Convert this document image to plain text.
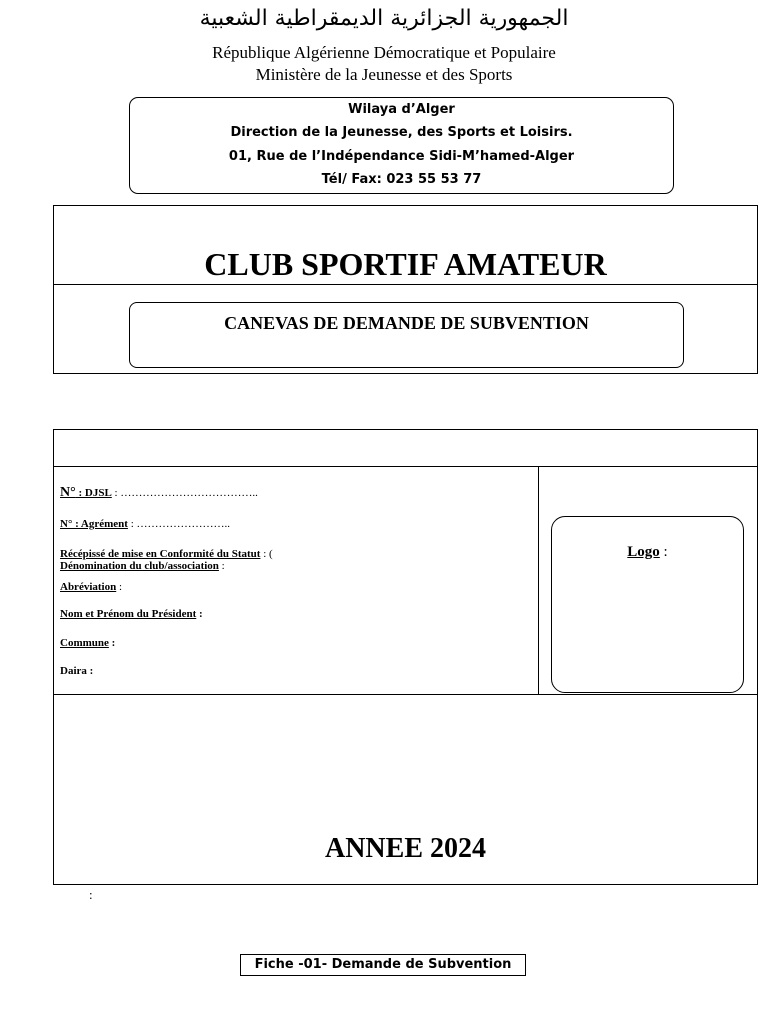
الجمهورية الجزائرية الديمقراطية الشعبية
République Algérienne Démocratique et Populaire
Ministère de la Jeunesse et des Sports
Wilaya d’Alger
Direction de la Jeunesse, des Sports et Loisirs.
01, Rue de l’Indépendance Sidi-M’hamed-Alger
Tél/ Fax: 023 55 53 77
CLUB SPORTIF AMATEUR
CANEVAS DE DEMANDE DE SUBVENTION
N° : DJSL : ………………………………..
N° : Agrément : ……………………..
Récépissé de mise en Conformité du Statut : (
Dénomination du club/association :
Abréviation :
Nom et Prénom du Président :
Commune :
Daira :
Logo :
ANNEE 2024
:
Fiche -01- Demande de Subvention
